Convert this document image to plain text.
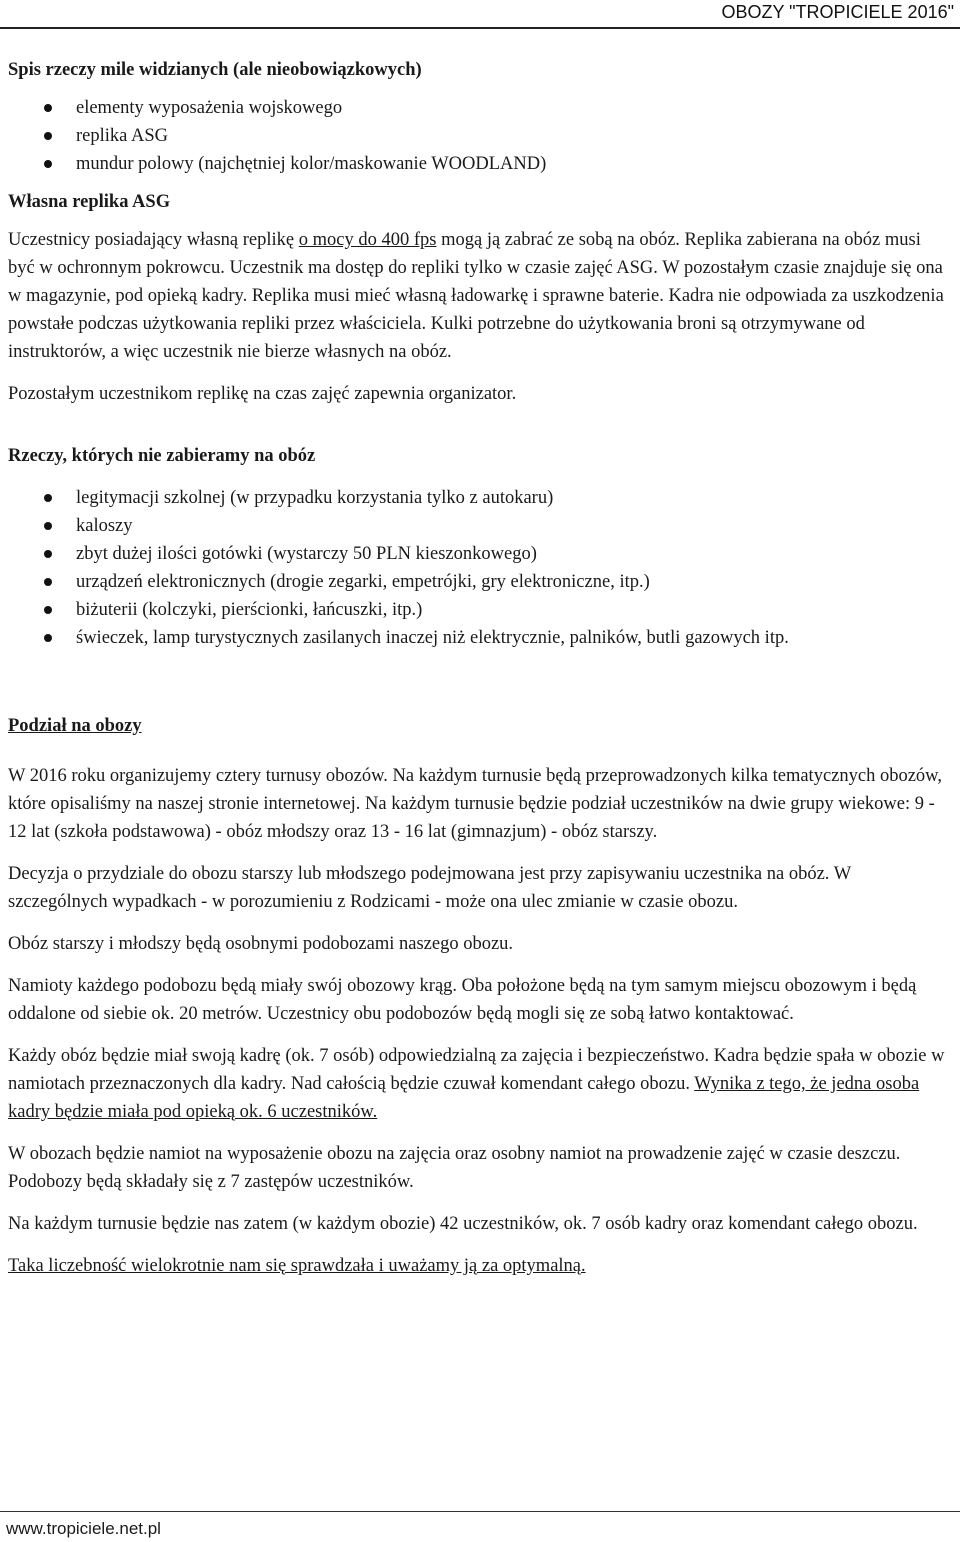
OBOZY "TROPICIELE 2016"
Spis rzeczy mile widzianych (ale nieobowiązkowych)
elementy wyposażenia wojskowego
replika ASG
mundur polowy (najchętniej kolor/maskowanie WOODLAND)
Własna replika ASG

Uczestnicy posiadający własną replikę o mocy do 400 fps mogą ją zabrać ze sobą na obóz. Replika zabierana na obóz musi być w ochronnym pokrowcu. Uczestnik ma dostęp do repliki tylko w czasie zajęć ASG. W pozostałym czasie znajduje się ona w magazynie, pod opieką kadry. Replika musi mieć własną ładowarkę i sprawne baterie. Kadra nie odpowiada za uszkodzenia powstałe podczas użytkowania repliki przez właściciela. Kulki potrzebne do użytkowania broni są otrzymywane od instruktorów, a więc uczestnik nie bierze własnych na obóz.

Pozostałym uczestnikom replikę na czas zajęć zapewnia organizator.

Rzeczy, których nie zabieramy na obóz
legitymacji szkolnej (w przypadku korzystania tylko z autokaru)
kaloszy
zbyt dużej ilości gotówki (wystarczy 50 PLN kieszonkowego)
urządzeń elektronicznych (drogie zegarki, empetrójki, gry elektroniczne, itp.)
biżuterii (kolczyki, pierścionki, łańcuszki, itp.)
świeczek, lamp turystycznych zasilanych inaczej niż elektrycznie, palników, butli gazowych itp.
Podział na obozy

W 2016 roku organizujemy cztery turnusy obozów. Na każdym turnusie będą przeprowadzonych kilka tematycznych obozów, które opisaliśmy na naszej stronie internetowej. Na każdym turnusie będzie podział uczestników na dwie grupy wiekowe: 9 - 12 lat (szkoła podstawowa) - obóz młodszy oraz 13 - 16 lat (gimnazjum) - obóz starszy.

Decyzja o przydziale do obozu starszy lub młodszego podejmowana jest przy zapisywaniu uczestnika na obóz. W szczególnych wypadkach - w porozumieniu z Rodzicami - może ona ulec zmianie w czasie obozu.

Obóz starszy i młodszy będą osobnymi podobozami naszego obozu.

Namioty każdego podobozu będą miały swój obozowy krąg. Oba położone będą na tym samym miejscu obozowym i będą oddalone od siebie ok. 20 metrów. Uczestnicy obu podobozów będą mogli się ze sobą łatwo kontaktować.

Każdy obóz będzie miał swoją kadrę (ok. 7 osób) odpowiedzialną za zajęcia i bezpieczeństwo. Kadra będzie spała w obozie w namiotach przeznaczonych dla kadry. Nad całością będzie czuwał komendant całego obozu. Wynika z tego, że jedna osoba kadry będzie miała pod opieką ok. 6 uczestników.

W obozach będzie namiot na wyposażenie obozu na zajęcia oraz osobny namiot na prowadzenie zajęć w czasie deszczu. Podobozy będą składały się z 7 zastępów uczestników.

Na każdym turnusie będzie nas zatem (w każdym obozie) 42 uczestników, ok. 7 osób kadry oraz komendant całego obozu.

Taka liczebność wielokrotnie nam się sprawdzała i uważamy ją za optymalną.

www.tropiciele.net.pl
